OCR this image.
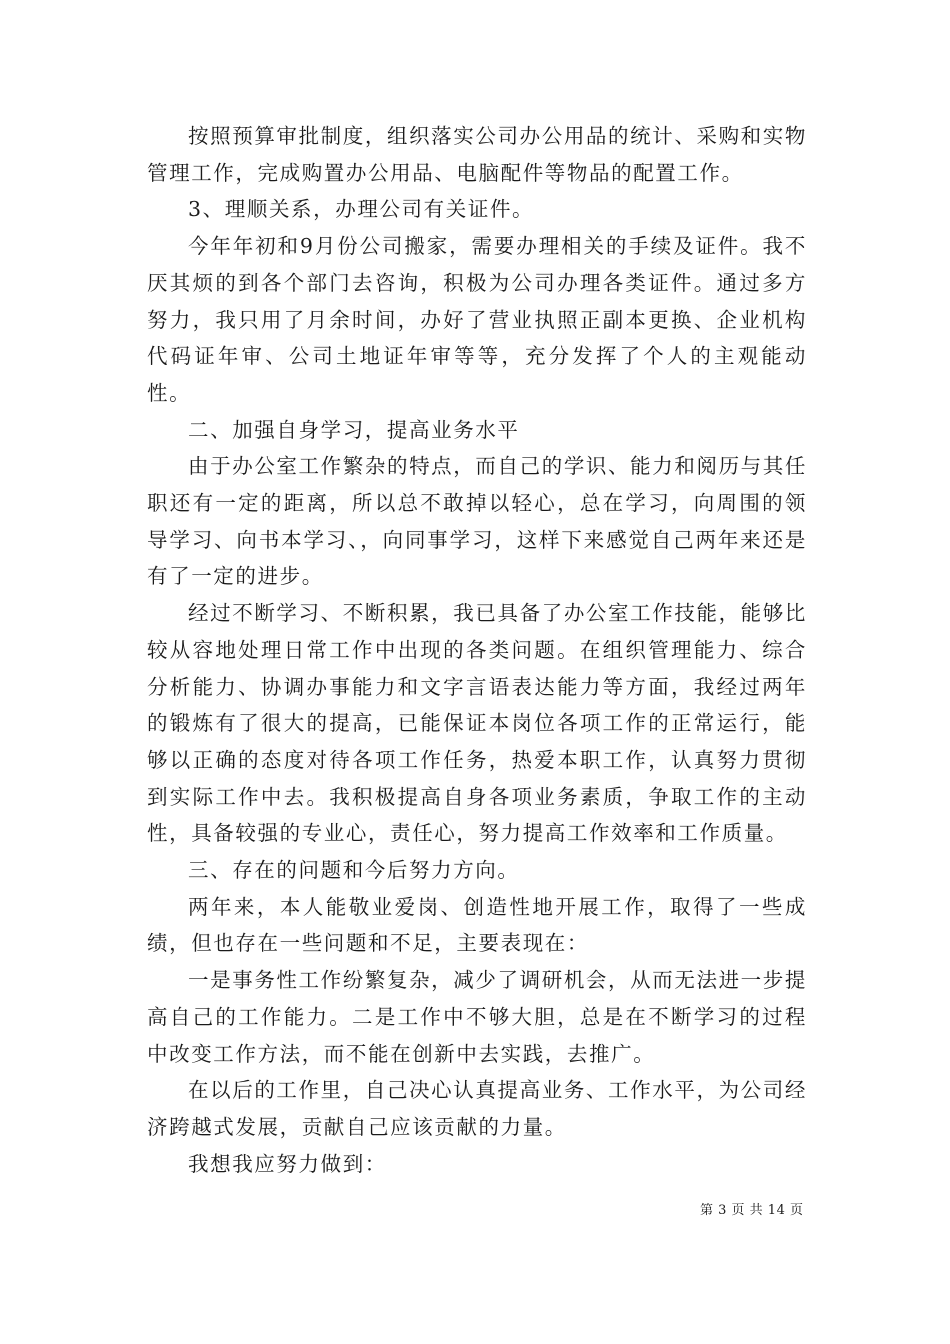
按照预算审批制度，组织落实公司办公用品的统计、采购和实物管理工作，完成购置办公用品、电脑配件等物品的配置工作。

3、理顺关系，办理公司有关证件。

今年年初和9月份公司搬家，需要办理相关的手续及证件。我不厌其烦的到各个部门去咨询，积极为公司办理各类证件。通过多方努力，我只用了月余时间，办好了营业执照正副本更换、企业机构代码证年审、公司土地证年审等等，充分发挥了个人的主观能动性。

二、加强自身学习，提高业务水平

由于办公室工作繁杂的特点，而自己的学识、能力和阅历与其任职还有一定的距离，所以总不敢掉以轻心，总在学习，向周围的领导学习、向书本学习、，向同事学习，这样下来感觉自己两年来还是有了一定的进步。

经过不断学习、不断积累，我已具备了办公室工作技能，能够比较从容地处理日常工作中出现的各类问题。在组织管理能力、综合分析能力、协调办事能力和文字言语表达能力等方面，我经过两年的锻炼有了很大的提高，已能保证本岗位各项工作的正常运行，能够以正确的态度对待各项工作任务，热爱本职工作，认真努力贯彻到实际工作中去。我积极提高自身各项业务素质，争取工作的主动性，具备较强的专业心，责任心，努力提高工作效率和工作质量。

三、存在的问题和今后努力方向。

两年来，本人能敬业爱岗、创造性地开展工作，取得了一些成绩，但也存在一些问题和不足，主要表现在：

一是事务性工作纷繁复杂，减少了调研机会，从而无法进一步提高自己的工作能力。二是工作中不够大胆，总是在不断学习的过程中改变工作方法，而不能在创新中去实践，去推广。

在以后的工作里，自己决心认真提高业务、工作水平，为公司经济跨越式发展，贡献自己应该贡献的力量。

我想我应努力做到：

第 3 页 共 14 页
